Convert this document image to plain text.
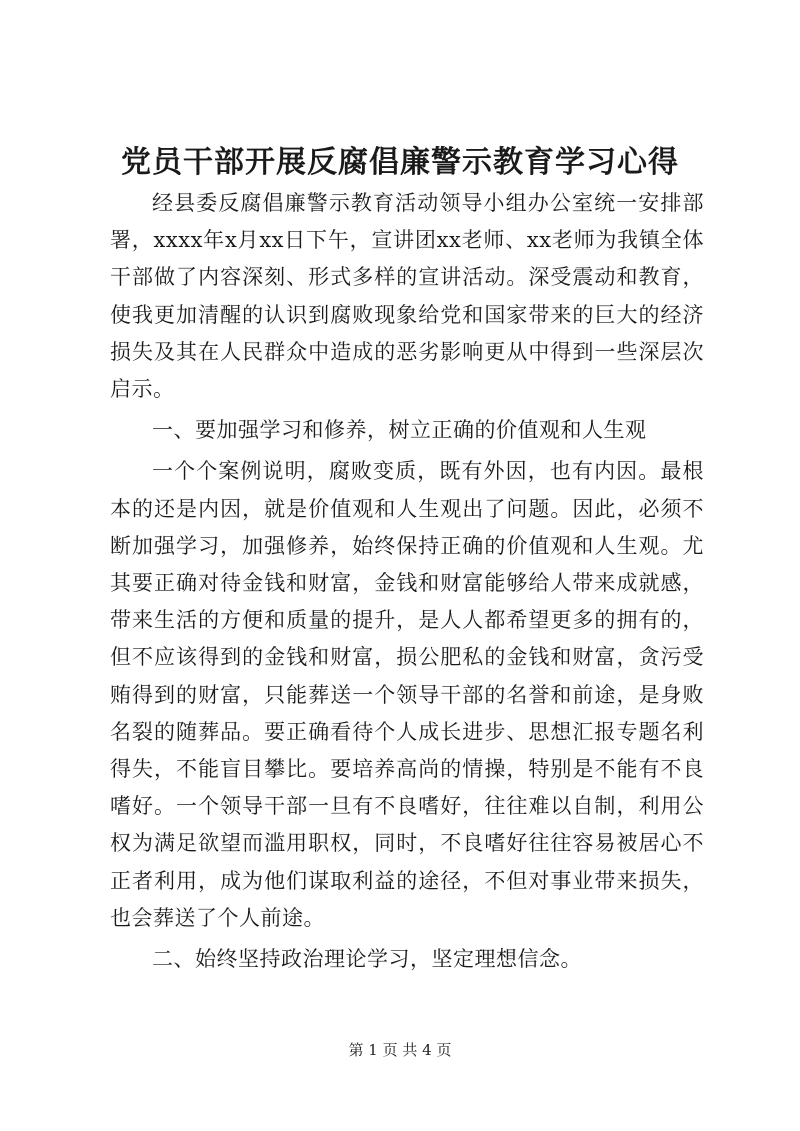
党员干部开展反腐倡廉警示教育学习心得

经县委反腐倡廉警示教育活动领导小组办公室统一安排部署，xxxx年x月xx日下午，宣讲团xx老师、xx老师为我镇全体干部做了内容深刻、形式多样的宣讲活动。深受震动和教育，使我更加清醒的认识到腐败现象给党和国家带来的巨大的经济损失及其在人民群众中造成的恶劣影响更从中得到一些深层次启示。

一、要加强学习和修养，树立正确的价值观和人生观

一个个案例说明，腐败变质，既有外因，也有内因。最根本的还是内因，就是价值观和人生观出了问题。因此，必须不断加强学习，加强修养，始终保持正确的价值观和人生观。尤其要正确对待金钱和财富，金钱和财富能够给人带来成就感，带来生活的方便和质量的提升，是人人都希望更多的拥有的，但不应该得到的金钱和财富，损公肥私的金钱和财富，贪污受贿得到的财富，只能葬送一个领导干部的名誉和前途，是身败名裂的随葬品。要正确看待个人成长进步、思想汇报专题名利得失，不能盲目攀比。要培养高尚的情操，特别是不能有不良嗜好。一个领导干部一旦有不良嗜好，往往难以自制，利用公权为满足欲望而滥用职权，同时，不良嗜好往往容易被居心不正者利用，成为他们谋取利益的途径，不但对事业带来损失，也会葬送了个人前途。

二、始终坚持政治理论学习，坚定理想信念。

第 1 页 共 4 页
